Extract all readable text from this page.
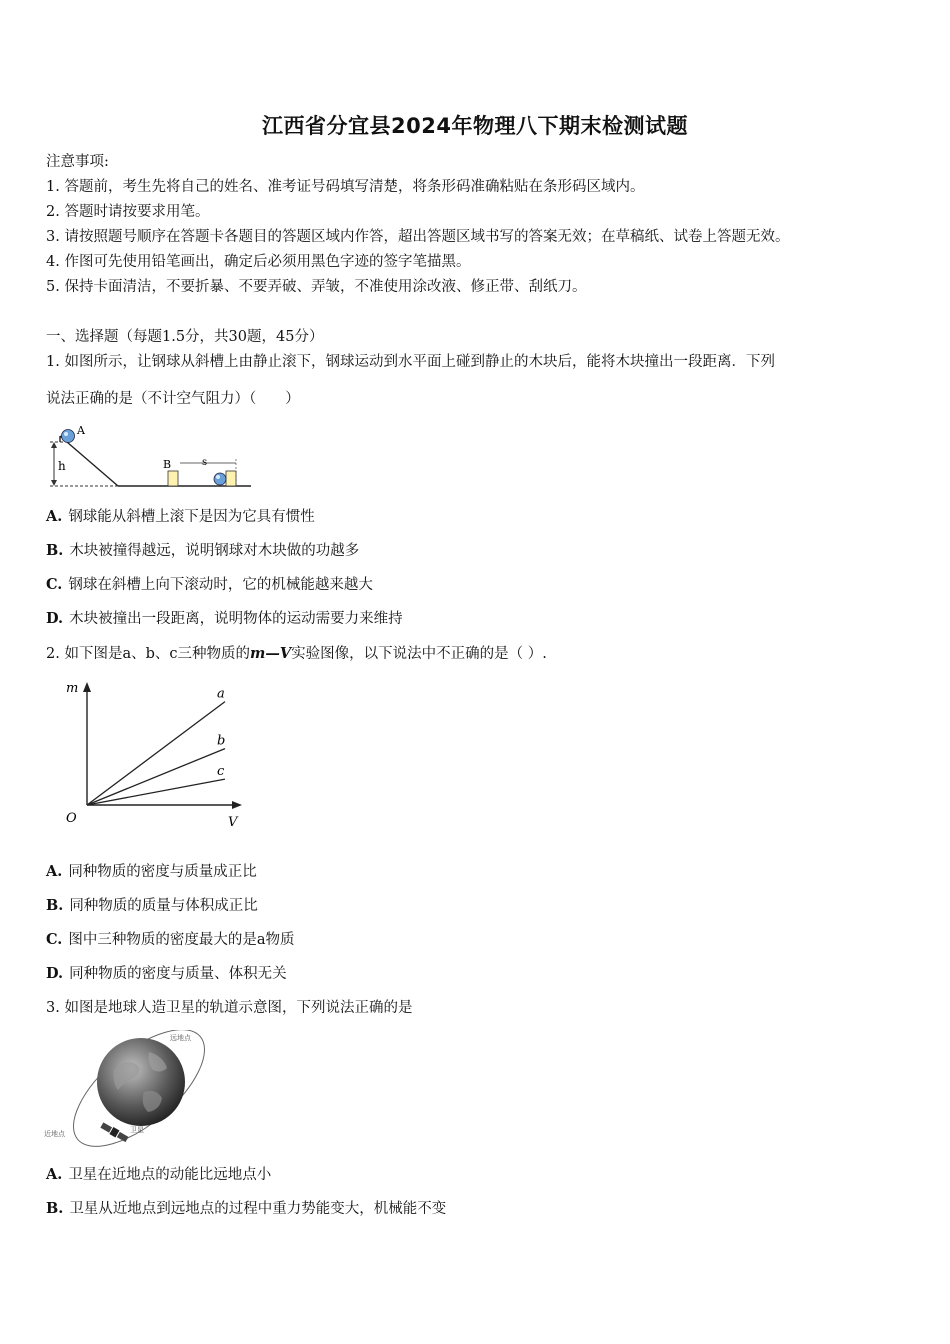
江西省分宜县2024年物理八下期末检测试题
注意事项:
1. 答题前，考生先将自己的姓名、准考证号码填写清楚，将条形码准确粘贴在条形码区域内。
2. 答题时请按要求用笔。
3. 请按照题号顺序在答题卡各题目的答题区域内作答，超出答题区域书写的答案无效；在草稿纸、试卷上答题无效。
4. 作图可先使用铅笔画出，确定后必须用黑色字迹的签字笔描黑。
5. 保持卡面清洁，不要折暴、不要弄破、弄皱，不准使用涂改液、修正带、刮纸刀。
一、选择题（每题1.5分，共30题，45分）
1. 如图所示，让钢球从斜槽上由静止滚下，钢球运动到水平面上碰到静止的木块后，能将木块撞出一段距离．下列
说法正确的是（不计空气阻力）（　　）
h
A
B	s
A. 钢球能从斜槽上滚下是因为它具有惯性
B. 木块被撞得越远，说明钢球对木块做的功越多
C. 钢球在斜槽上向下滚动时，它的机械能越来越大
D. 木块被撞出一段距离，说明物体的运动需要力来维持
2. 如下图是a、b、c三种物质的m—V实验图像，以下说法中不正确的是（ ）.
m
V
O
a
b
c
A. 同种物质的密度与质量成正比
B. 同种物质的质量与体积成正比
C. 图中三种物质的密度最大的是a物质
D. 同种物质的密度与质量、体积无关
3. 如图是地球人造卫星的轨道示意图，下列说法正确的是
远地点
近地点	卫星
A. 卫星在近地点的动能比远地点小
B. 卫星从近地点到远地点的过程中重力势能变大，机械能不变
